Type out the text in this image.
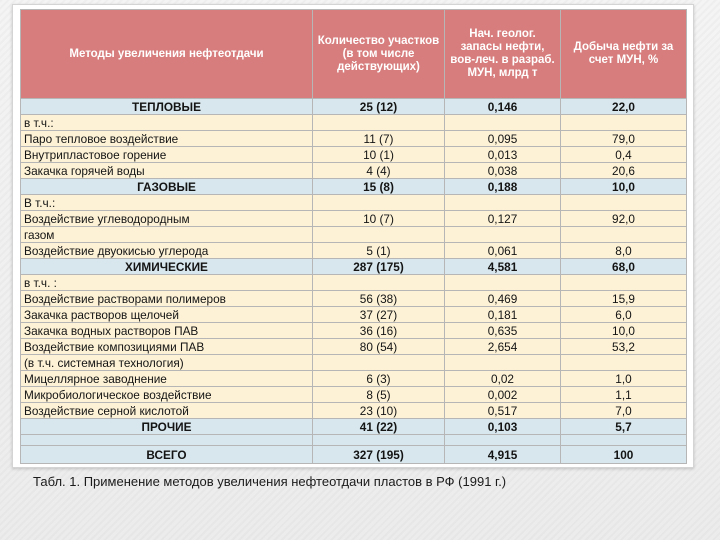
Методы увеличения нефтеотдачи	Количество участков (в том числе действующих)	Нач. геолог. запасы нефти, вов-леч. в разраб. МУН, млрд т	Добыча нефти за счет МУН, %
ТЕПЛОВЫЕ	25 (12)	0,146	22,0
в т.ч.:			
Паро тепловое воздействие	11 (7)	0,095	79,0
Внутрипластовое горение	10 (1)	0,013	0,4
Закачка горячей воды	4 (4)	0,038	20,6
ГАЗОВЫЕ	15 (8)	0,188	10,0
В т.ч.:			
Воздействие углеводородным	10 (7)	0,127	92,0
газом			
Воздействие двуокисью углерода	5 (1)	0,061	8,0
ХИМИЧЕСКИЕ	287 (175)	4,581	68,0
в т.ч. :			
Воздействие растворами полимеров	56 (38)	0,469	15,9
Закачка растворов щелочей	37 (27)	0,181	6,0
Закачка водных растворов ПАВ	36 (16)	0,635	10,0
Воздействие композициями ПАВ	80 (54)	2,654	53,2
(в т.ч. системная технология)			
Мицеллярное заводнение	6 (3)	0,02	1,0
Микробиологическое воздействие	8 (5)	0,002	1,1
Воздействие серной кислотой	23 (10)	0,517	7,0
ПРОЧИЕ	41 (22)	0,103	5,7

ВСЕГО	327 (195)	4,915	100
Табл. 1. Применение методов увеличения нефтеотдачи пластов в РФ (1991 г.)
